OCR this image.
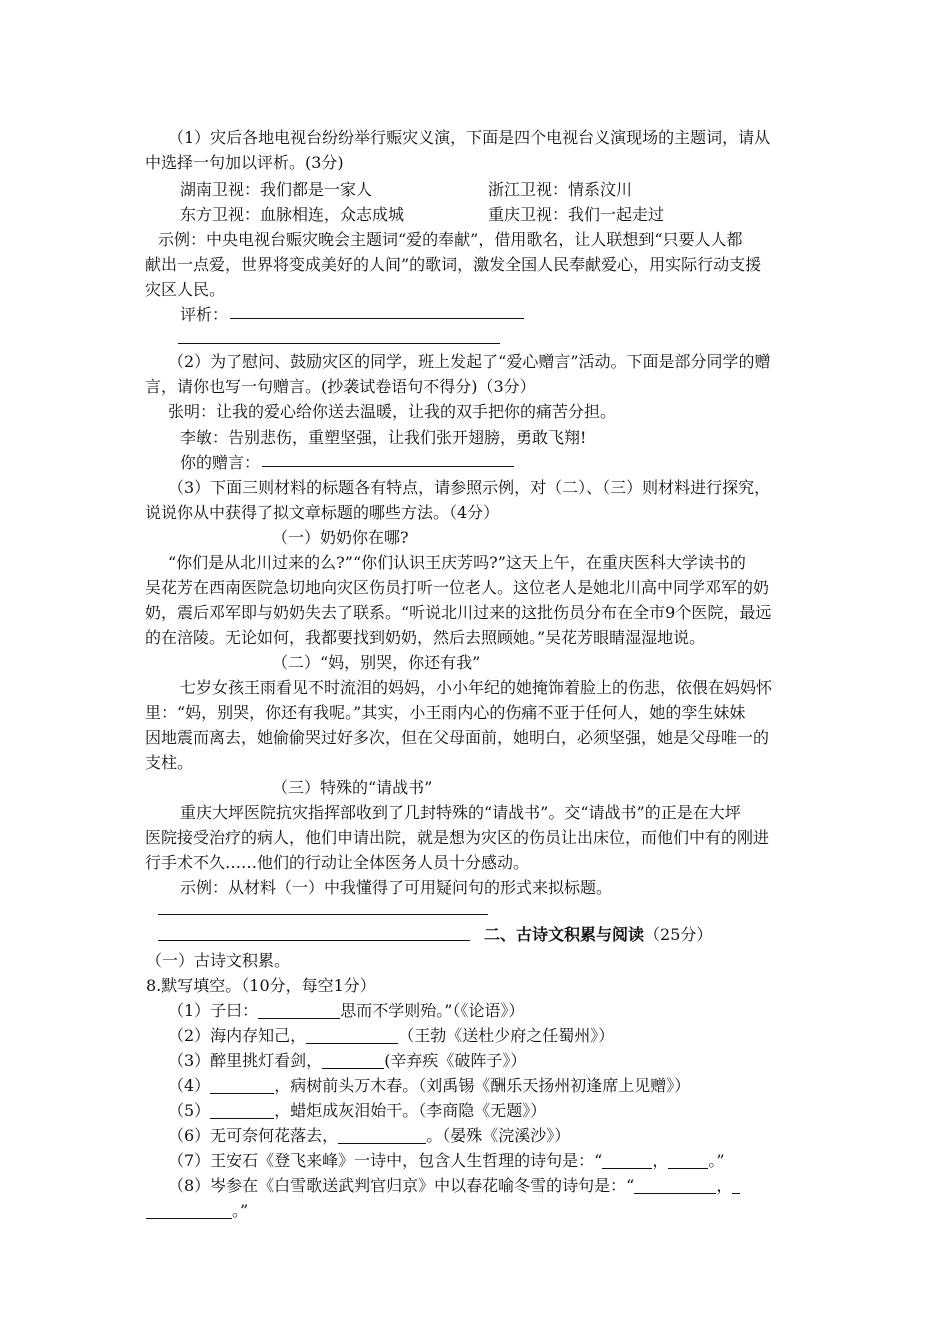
（1）灾后各地电视台纷纷举行赈灾义演，下面是四个电视台义演现场的主题词，请从
中选择一句加以评析。(3分)
湖南卫视：我们都是一家人	浙江卫视：情系汶川
东方卫视：血脉相连，众志成城	重庆卫视：我们一起走过
示例：中央电视台赈灾晚会主题词“爱的奉献”，借用歌名，让人联想到“只要人人都
献出一点爱，世界将变成美好的人间”的歌词，激发全国人民奉献爱心，用实际行动支援
灾区人民。
评析：
（2）为了慰问、鼓励灾区的同学，班上发起了“爱心赠言”活动。下面是部分同学的赠
言，请你也写一句赠言。(抄袭试卷语句不得分)（3分）
张明：让我的爱心给你送去温暖，让我的双手把你的痛苦分担。
李敏：告别悲伤，重塑坚强，让我们张开翅膀，勇敢飞翔!
你的赠言：
（3）下面三则材料的标题各有特点，请参照示例，对（二）、（三）则材料进行探究，
说说你从中获得了拟文章标题的哪些方法。（4分）
（一）奶奶你在哪?
“你们是从北川过来的么?”“你们认识王庆芳吗?”这天上午，在重庆医科大学读书的
吴花芳在西南医院急切地向灾区伤员打听一位老人。这位老人是她北川高中同学邓军的奶
奶，震后邓军即与奶奶失去了联系。“听说北川过来的这批伤员分布在全市9个医院，最远
的在涪陵。无论如何，我都要找到奶奶，然后去照顾她。”吴花芳眼睛湿湿地说。
（二）“妈，别哭，你还有我”
七岁女孩王雨看见不时流泪的妈妈，小小年纪的她掩饰着脸上的伤悲，依偎在妈妈怀
里：“妈，别哭，你还有我呢。”其实，小王雨内心的伤痛不亚于任何人，她的孪生妹妹
因地震而离去，她偷偷哭过好多次，但在父母面前，她明白，必须坚强，她是父母唯一的
支柱。
（三）特殊的“请战书”
重庆大坪医院抗灾指挥部收到了几封特殊的“请战书”。交“请战书”的正是在大坪
医院接受治疗的病人，他们申请出院，就是想为灾区的伤员让出床位，而他们中有的刚进
行手术不久……他们的行动让全体医务人员十分感动。
示例：从材料（一）中我懂得了可用疑问句的形式来拟标题。
二、古诗文积累与阅读（25分）
（一）古诗文积累。
8.默写填空。（10分，每空1分）
（1）子曰：	思而不学则殆。”（《论语》）
（2）海内存知己，	（王勃《送杜少府之任蜀州》）
（3）醉里挑灯看剑，	(辛弃疾《破阵子》）
（4）	，病树前头万木春。（刘禹锡《酬乐天扬州初逢席上见赠》）
（5）	，蜡炬成灰泪始干。（李商隐《无题》）
（6）无可奈何花落去，	。（晏殊《浣溪沙》）
（7）王安石《登飞来峰》一诗中，包含人生哲理的诗句是：“	，	。”
（8）岑参在《白雪歌送武判官归京》中以春花喻冬雪的诗句是：“	，
。”
